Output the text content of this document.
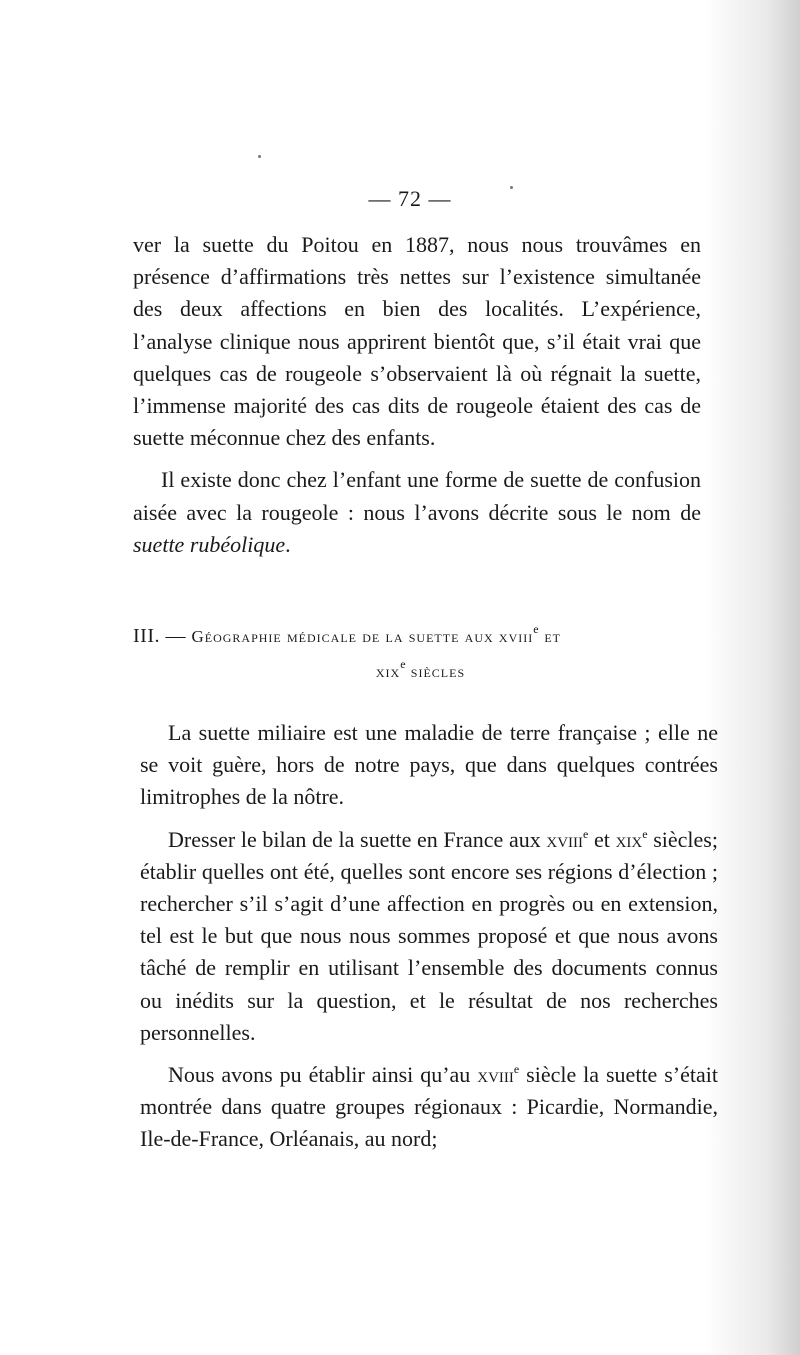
— 72 —

ver la suette du Poitou en 1887, nous nous trouvâmes en présence d’affirmations très nettes sur l’existence simultanée des deux affections en bien des localités. L’expérience, l’analyse clinique nous apprirent bientôt que, s’il était vrai que quelques cas de rougeole s’observaient là où régnait la suette, l’immense majorité des cas dits de rougeole étaient des cas de suette méconnue chez des enfants.

Il existe donc chez l’enfant une forme de suette de confusion aisée avec la rougeole : nous l’avons décrite sous le nom de suette rubéolique.

III. — Géographie médicale de la suette aux xviii$^e$ et
xix$^e$ siècles

La suette miliaire est une maladie de terre française ; elle ne se voit guère, hors de notre pays, que dans quelques contrées limitrophes de la nôtre.

Dresser le bilan de la suette en France aux xviii$^e$ et xix$^e$ siècles; établir quelles ont été, quelles sont encore ses régions d’élection ; rechercher s’il s’agit d’une affection en progrès ou en extension, tel est le but que nous nous sommes proposé et que nous avons tâché de remplir en utilisant l’ensemble des documents connus ou inédits sur la question, et le résultat de nos recherches personnelles.

Nous avons pu établir ainsi qu’au xviii$^e$ siècle la suette s’était montrée dans quatre groupes régionaux : Picardie, Normandie, Ile-de-France, Orléanais, au nord;
